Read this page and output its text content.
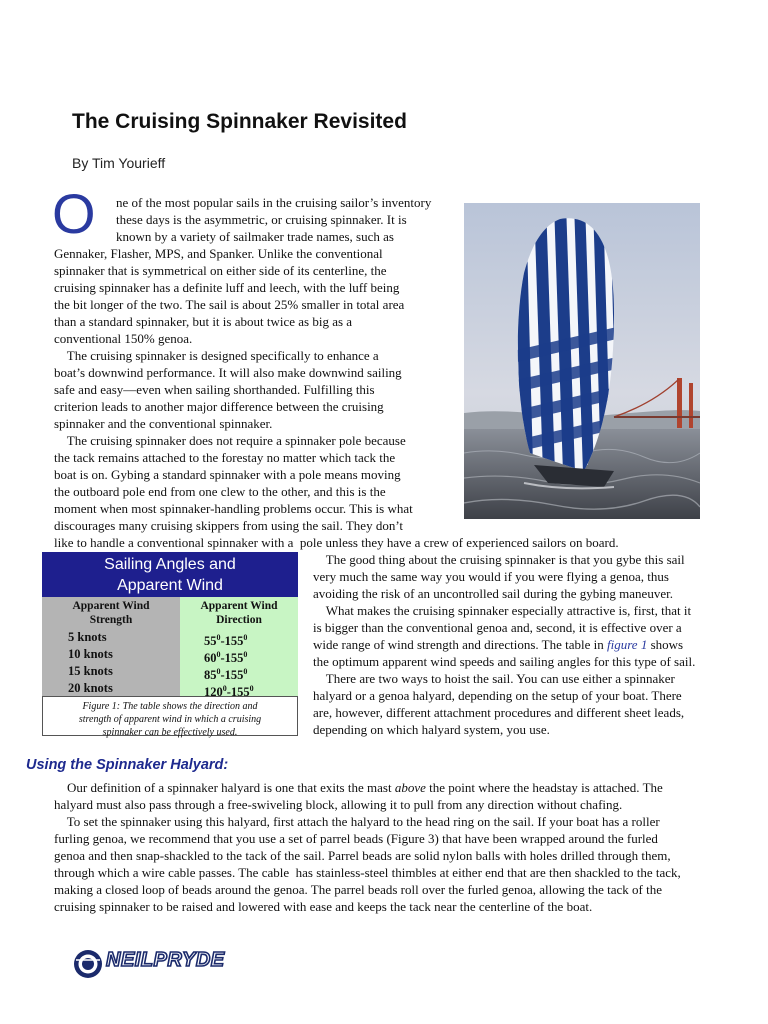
The Cruising Spinnaker Revisited
By Tim Yourieff
O ne of the most popular sails in the cruising sailor’s inventory

these days is the asymmetric, or cruising spinnaker. It is

known by a variety of sailmaker trade names, such as

Gennaker, Flasher, MPS, and Spanker. Unlike the conventional

spinnaker that is symmetrical on either side of its centerline, the

cruising spinnaker has a definite luff and leech, with the luff being

the bit longer of the two. The sail is about 25% smaller in total area

than a standard spinnaker, but it is about twice as big as a

conventional 150% genoa.

The cruising spinnaker is designed specifically to enhance a

boat’s downwind performance. It will also make downwind sailing

safe and easy—even when sailing shorthanded. Fulfilling this

criterion leads to another major difference between the cruising

spinnaker and the conventional spinnaker.

The cruising spinnaker does not require a spinnaker pole because

the tack remains attached to the forestay no matter which tack the

boat is on. Gybing a standard spinnaker with a pole means moving

the outboard pole end from one clew to the other, and this is the

moment when most spinnaker-handling problems occur. This is what

discourages many cruising skippers from using the sail. They don’t

like to handle a conventional spinnaker with a  pole unless they have a crew of experienced sailors on board.

The good thing about the cruising spinnaker is that you gybe this sail

very much the same way you would if you were flying a genoa, thus

avoiding the risk of an uncontrolled sail during the gybing maneuver.

What makes the cruising spinnaker especially attractive is, first, that it

is bigger than the conventional genoa and, second, it is effective over a

wide range of wind strength and directions. The table in figure 1 shows

the optimum apparent wind speeds and sailing angles for this type of sail.

There are two ways to hoist the sail. You can use either a spinnaker

halyard or a genoa halyard, depending on the setup of your boat. There

are, however, different attachment procedures and different sheet leads,

depending on which halyard system, you use.

Sailing Angles and
Apparent Wind
Apparent Wind
Strength
5 knots
10 knots
15 knots
20 knots
Apparent Wind
Direction
$55^0-155^0$
$60^0-155^0$
$85^0-155^0$
$120^0-155^0$
Figure 1: The table shows the direction and
strength of apparent wind in which a cruising
spinnaker can be effectively used.
Using the Spinnaker Halyard:

Our definition of a spinnaker halyard is one that exits the mast above the point where the headstay is attached. The

halyard must also pass through a free-swiveling block, allowing it to pull from any direction without chafing.

To set the spinnaker using this halyard, first attach the halyard to the head ring on the sail. If your boat has a roller

furling genoa, we recommend that you use a set of parrel beads (Figure 3) that have been wrapped around the furled

genoa and then snap-shackled to the tack of the sail. Parrel beads are solid nylon balls with holes drilled through them,

through which a wire cable passes. The cable  has stainless-steel thimbles at either end that are then shackled to the tack,

making a closed loop of beads around the genoa. The parrel beads roll over the furled genoa, allowing the tack of the

cruising spinnaker to be raised and lowered with ease and keeps the tack near the centerline of the boat.

NEILPRYDE
